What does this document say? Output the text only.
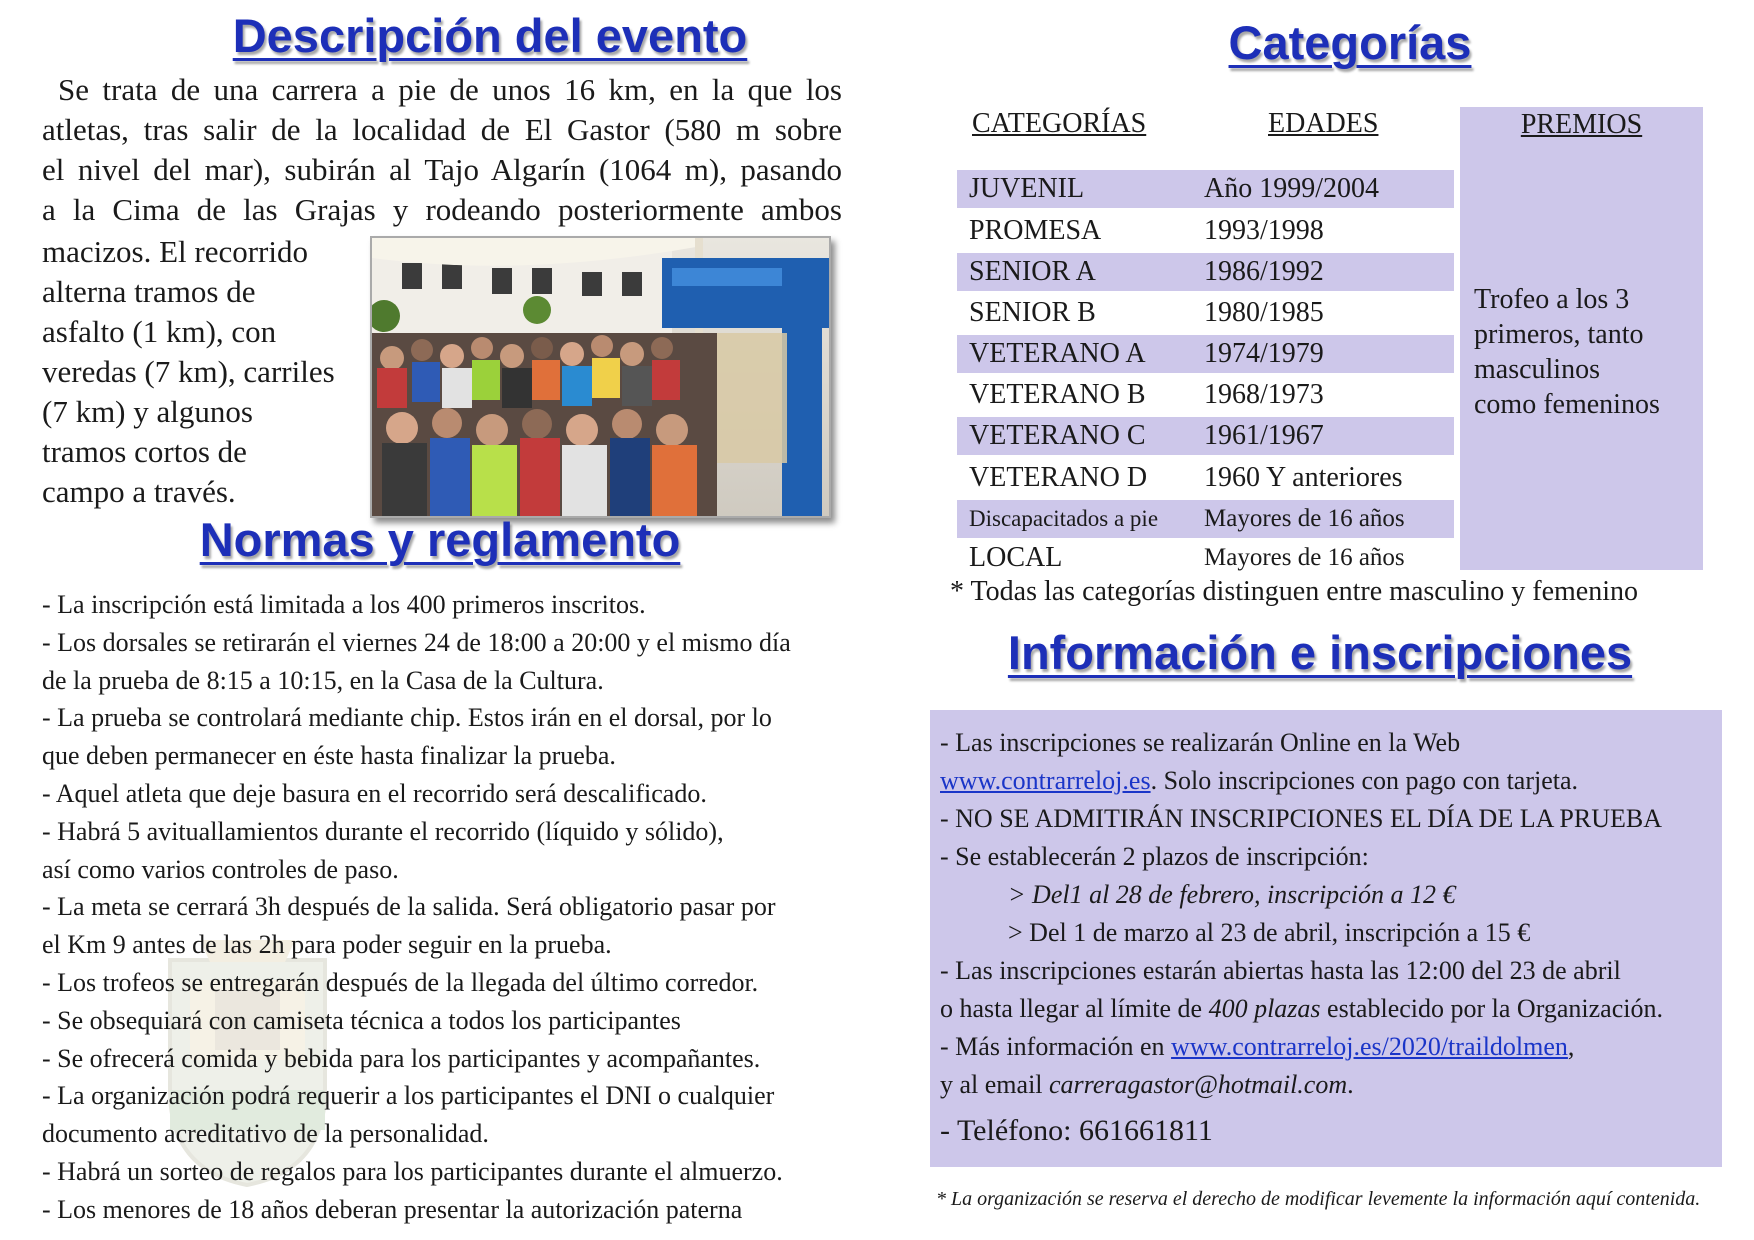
Descripción del evento
Se trata de una carrera a pie de unos 16 km, en la que los
atletas, tras salir de la localidad de El Gastor (580 m sobre
el nivel del mar), subirán al Tajo Algarín (1064 m), pasando
a la Cima de las Grajas y rodeando posteriormente ambos
macizos. El recorrido
alterna tramos de
asfalto (1 km), con
veredas (7 km), carriles
(7 km) y algunos
tramos cortos de
campo a través.
Normas y reglamento
- La inscripción está limitada a los 400 primeros inscritos.
- Los dorsales se retirarán el viernes 24 de 18:00 a 20:00 y el mismo día
de la prueba de 8:15 a 10:15, en la Casa de la Cultura.
- La prueba se controlará mediante chip. Estos irán en el dorsal, por lo
que deben permanecer en éste hasta finalizar la prueba.
- Aquel atleta que deje basura en el recorrido será descalificado.
- Habrá 5 avituallamientos durante el recorrido (líquido y sólido),
así como varios controles de paso.
- La meta se cerrará 3h después de la salida. Será obligatorio pasar por
el Km 9 antes de las 2h para poder seguir en la prueba.
- Los trofeos se entregarán después de la llegada del último corredor.
- Se obsequiará con camiseta técnica a todos los participantes
- Se ofrecerá comida y bebida para los participantes y acompañantes.
- La organización podrá requerir a los participantes el DNI o cualquier
documento acreditativo de la personalidad.
- Habrá un sorteo de regalos para los participantes durante el almuerzo.
- Los menores de 18 años deberan presentar la autorización paterna
Categorías
CATEGORÍAS	EDADES
JUVENIL	Año 1999/2004
PROMESA	1993/1998
SENIOR A	1986/1992
SENIOR B	1980/1985
VETERANO A 1974/1979
VETERANO B 1968/1973
VETERANO C 1961/1967
VETERANO D 1960 Y anteriores
Discapacitados a pie Mayores de 16 años
LOCAL	Mayores de 16 años
PREMIOS
Trofeo a los 3
primeros, tanto
masculinos
como femeninos
* Todas las categorías distinguen entre masculino y femenino
Información e inscripciones
- Las inscripciones se realizarán Online en la Web
www.contrarreloj.es. Solo inscripciones con pago con tarjeta.
- NO SE ADMITIRÁN INSCRIPCIONES EL DÍA DE LA PRUEBA
- Se establecerán 2 plazos de inscripción:
> Del1 al 28 de febrero, inscripción a 12 €
> Del 1 de marzo al 23 de abril, inscripción a 15 €
- Las inscripciones estarán abiertas hasta las 12:00 del 23 de abril
o hasta llegar al límite de 400 plazas establecido por la Organización.
- Más información en www.contrarreloj.es/2020/traildolmen,
y al email carreragastor@hotmail.com.
- Teléfono: 661661811
* La organización se reserva el derecho de modificar levemente la información aquí contenida.
